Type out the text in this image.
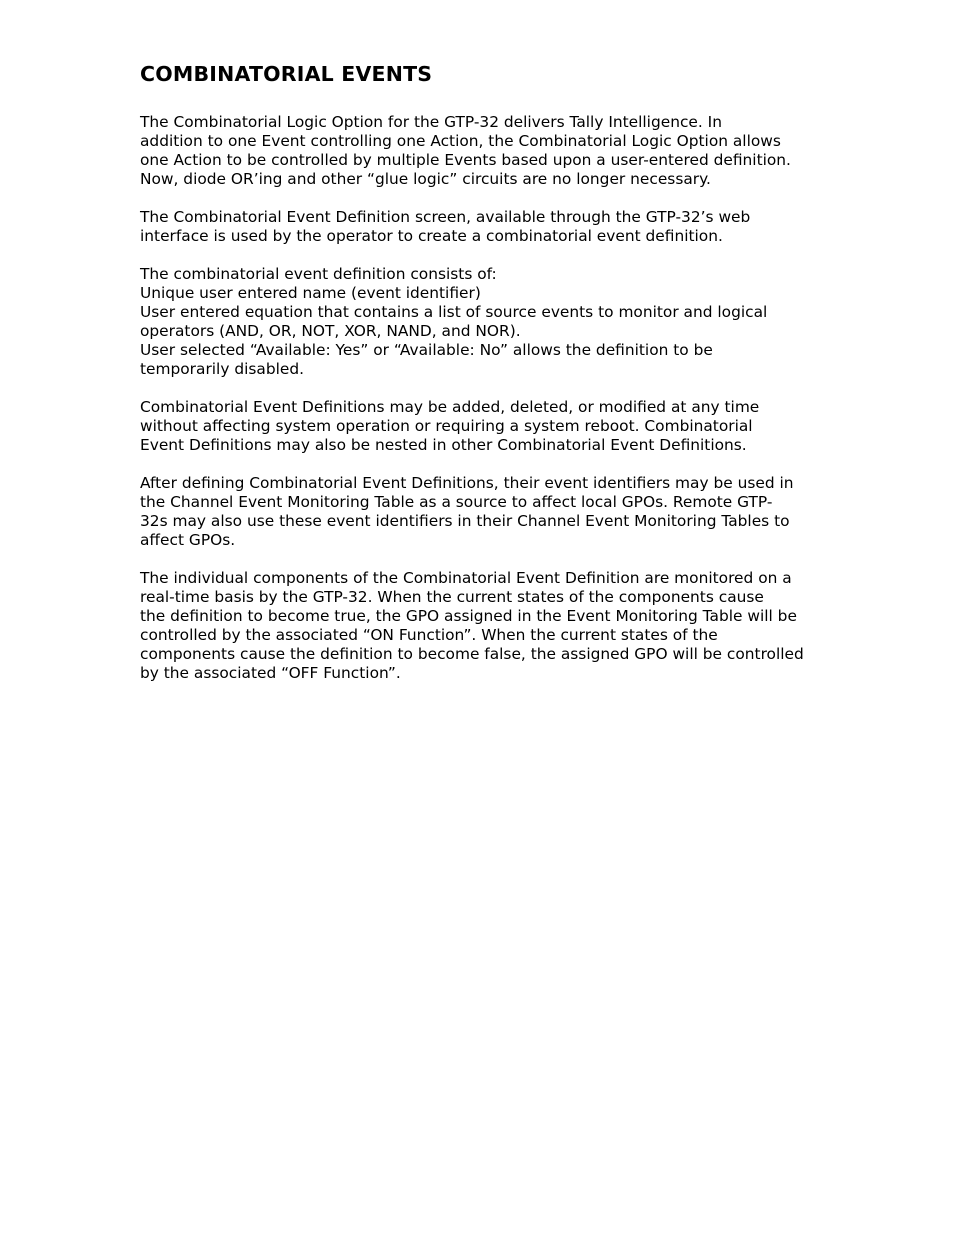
COMBINATORIAL EVENTS

The Combinatorial Logic Option for the GTP-32 delivers Tally Intelligence. In
addition to one Event controlling one Action, the Combinatorial Logic Option allows
one Action to be controlled by multiple Events based upon a user-entered definition.
Now, diode OR’ing and other “glue logic” circuits are no longer necessary.

The Combinatorial Event Definition screen, available through the GTP-32’s web
interface is used by the operator to create a combinatorial event definition.

The combinatorial event definition consists of:
Unique user entered name (event identifier)
User entered equation that contains a list of source events to monitor and logical
operators (AND, OR, NOT, XOR, NAND, and NOR).
User selected “Available: Yes” or “Available: No” allows the definition to be
temporarily disabled.

Combinatorial Event Definitions may be added, deleted, or modified at any time
without affecting system operation or requiring a system reboot. Combinatorial
Event Definitions may also be nested in other Combinatorial Event Definitions.

After defining Combinatorial Event Definitions, their event identifiers may be used in
the Channel Event Monitoring Table as a source to affect local GPOs. Remote GTP-
32s may also use these event identifiers in their Channel Event Monitoring Tables to
affect GPOs.

The individual components of the Combinatorial Event Definition are monitored on a
real-time basis by the GTP-32. When the current states of the components cause
the definition to become true, the GPO assigned in the Event Monitoring Table will be
controlled by the associated “ON Function”. When the current states of the
components cause the definition to become false, the assigned GPO will be controlled
by the associated “OFF Function”.
